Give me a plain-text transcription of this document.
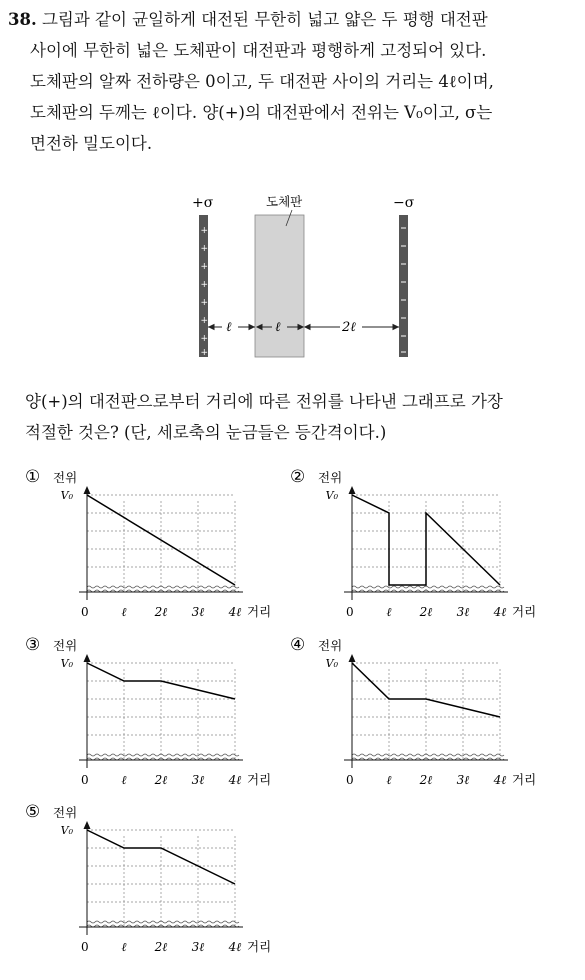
38. 그림과 같이 균일하게 대전된 무한히 넓고 얇은 두 평행 대전판
사이에 무한히 넓은 도체판이 대전판과 평행하게 고정되어 있다.
도체판의 알짜 전하량은 0이고, 두 대전판 사이의 거리는 4ℓ이며,
도체판의 두께는 ℓ이다. 양(+)의 대전판에서 전위는 V₀이고, σ는
면전하 밀도이다.
+
+
+
+
+
+
+
+
+σ	−σ
도체판
ℓ	ℓ	2ℓ
양(+)의 대전판으로부터 거리에 따른 전위를 나타낸 그래프로 가장
적절한 것은? (단, 세로축의 눈금들은 등간격이다.)
① 전위
V₀
0	ℓ 2ℓ 3ℓ 4ℓ 거리
② 전위
V₀
0	ℓ 2ℓ 3ℓ 4ℓ 거리
③ 전위
V₀
0	ℓ 2ℓ 3ℓ 4ℓ 거리
④ 전위
V₀
0	ℓ 2ℓ 3ℓ 4ℓ 거리
⑤ 전위
V₀
0	ℓ 2ℓ 3ℓ 4ℓ 거리
